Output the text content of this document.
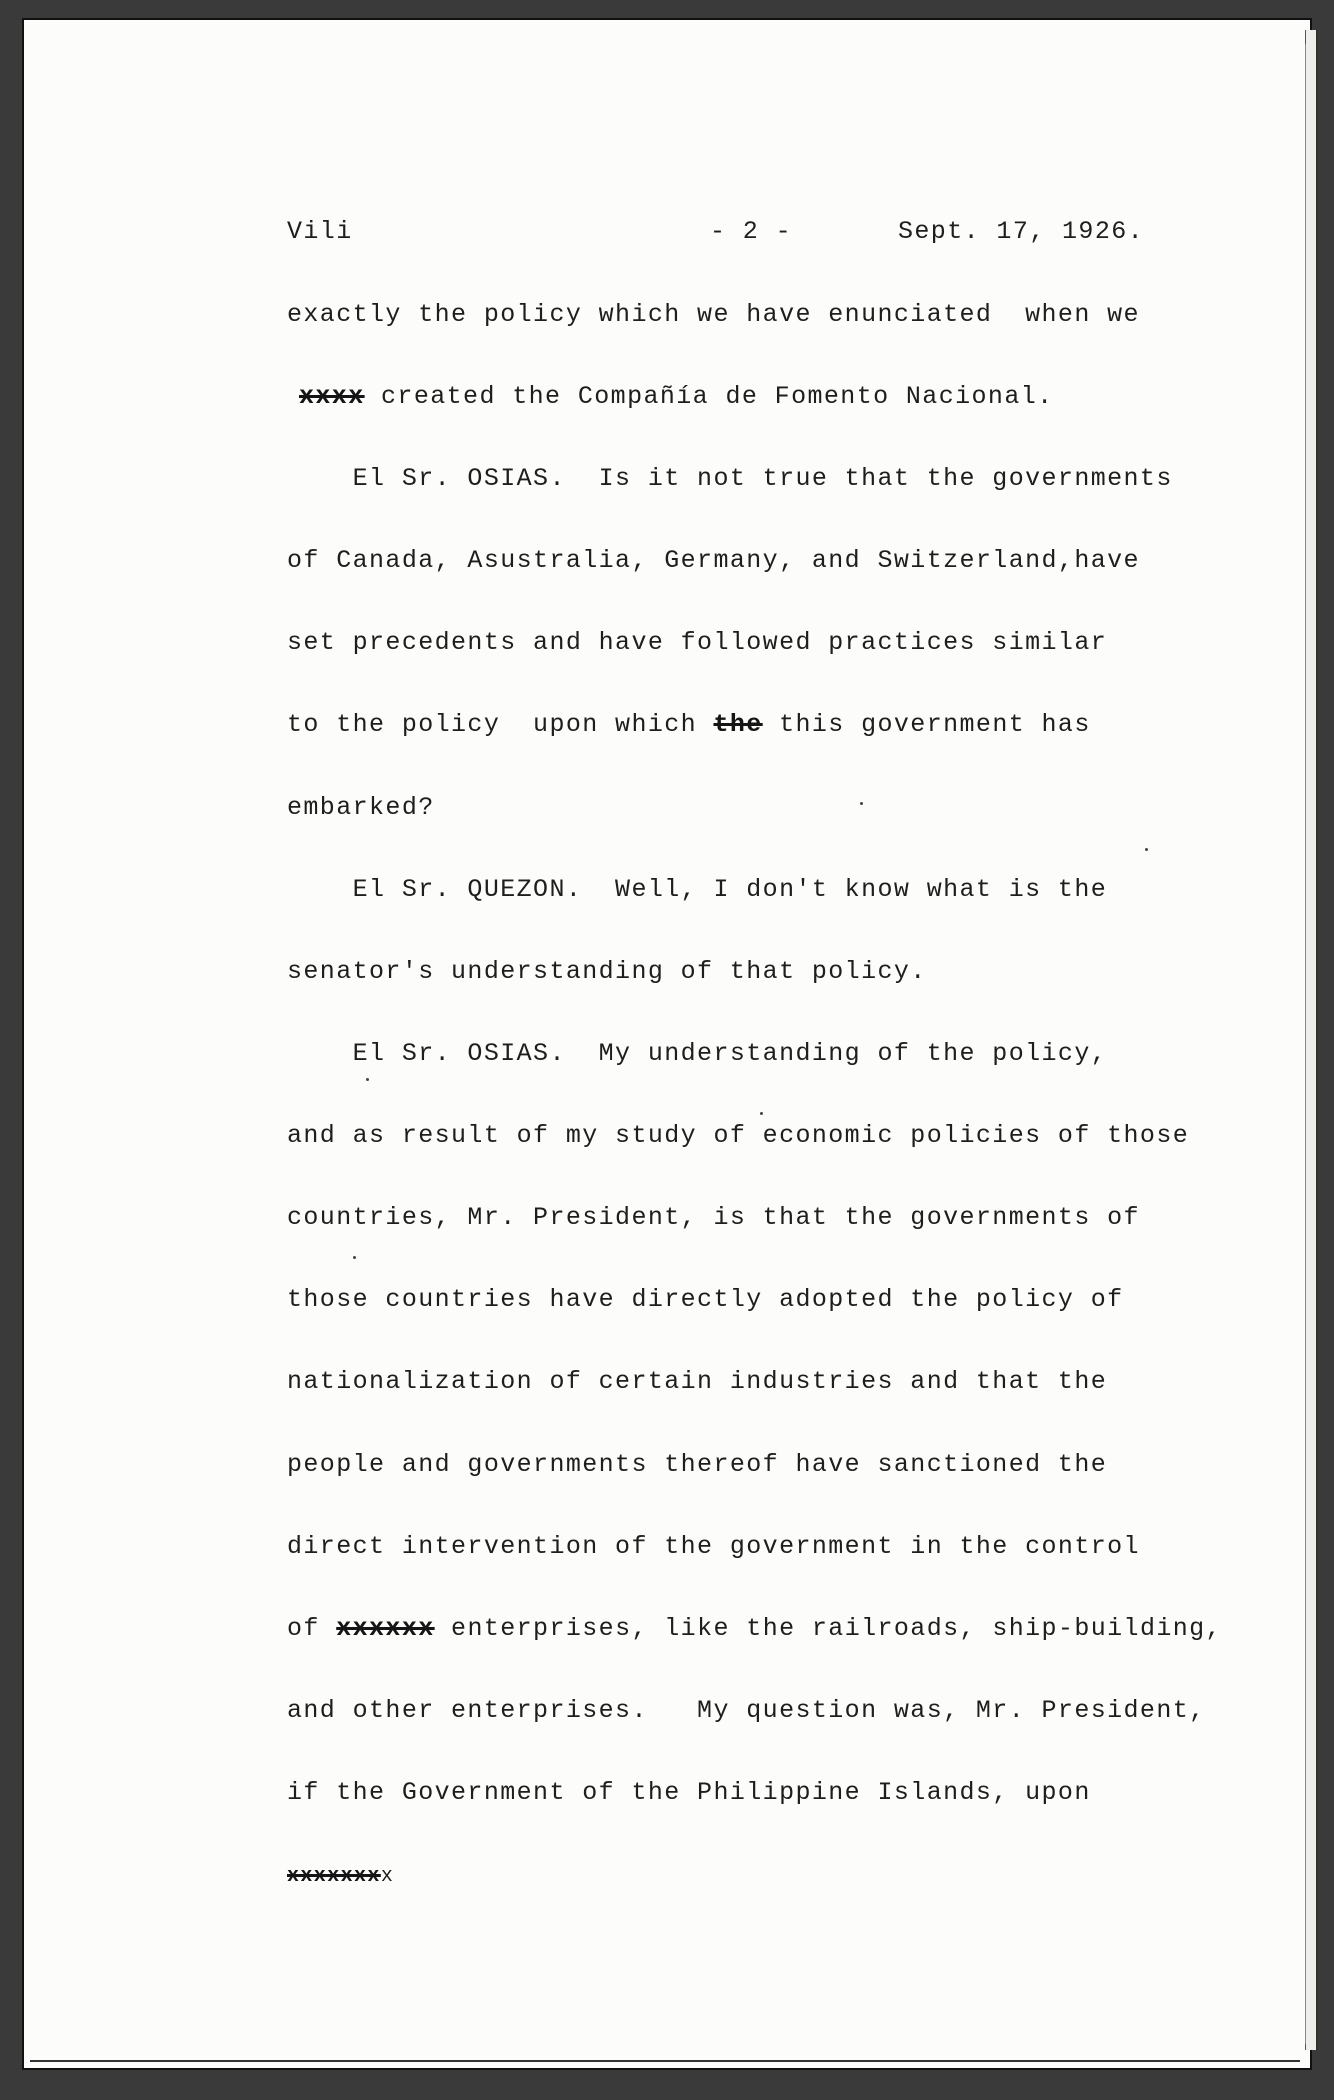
Vili	- 2 -	Sept. 17, 1926.
exactly the policy which we have enunciated  when we
xxxx created the Compañía de Fomento Nacional.
El Sr. OSIAS.  Is it not true that the governments
of Canada, Asustralia, Germany, and Switzerland,have
set precedents and have followed practices similar
to the policy  upon which the this government has
embarked?
El Sr. QUEZON.  Well, I don't know what is the
senator's understanding of that policy.
El Sr. OSIAS.  My understanding of the policy,
and as result of my study of economic policies of those
countries, Mr. President, is that the governments of
those countries have directly adopted the policy of
nationalization of certain industries and that the
people and governments thereof have sanctioned the
direct intervention of the government in the control
of xxxxxx enterprises, like the railroads, ship-building,
and other enterprises.   My question was, Mr. President,
if the Government of the Philippine Islands, upon
xxxxxxxx
